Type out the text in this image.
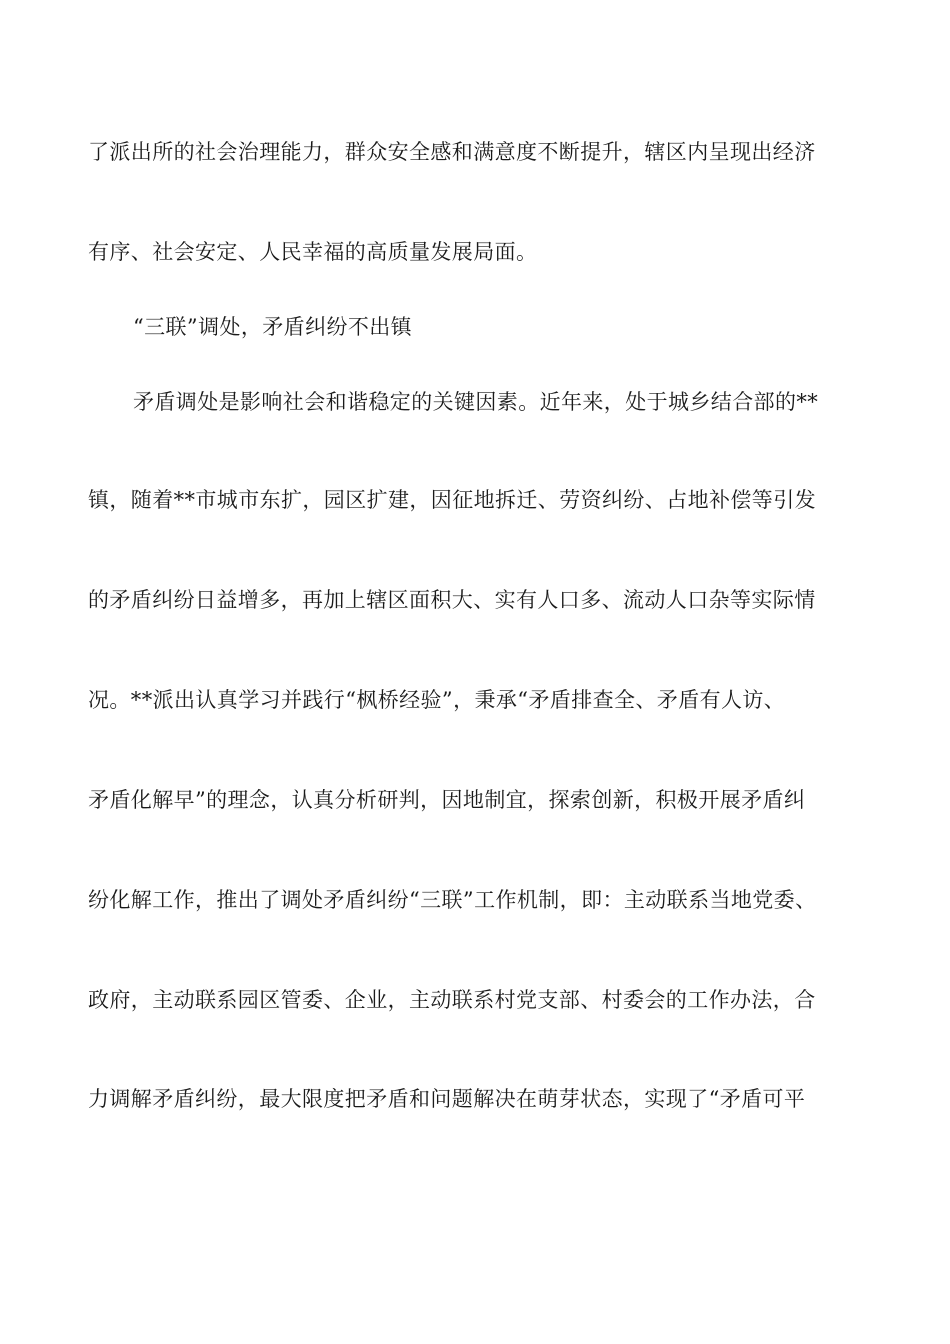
了派出所的社会治理能力，群众安全感和满意度不断提升，辖区内呈现出经济
有序、社会安定、人民幸福的高质量发展局面。
“三联”调处，矛盾纠纷不出镇
矛盾调处是影响社会和谐稳定的关键因素。近年来，处于城乡结合部的**
镇，随着**市城市东扩，园区扩建，因征地拆迁、劳资纠纷、占地补偿等引发
的矛盾纠纷日益增多，再加上辖区面积大、实有人口多、流动人口杂等实际情
况。**派出认真学习并践行“枫桥经验”，秉承“矛盾排查全、矛盾有人访、
矛盾化解早”的理念，认真分析研判，因地制宜，探索创新，积极开展矛盾纠
纷化解工作，推出了调处矛盾纠纷“三联”工作机制，即：主动联系当地党委、
政府，主动联系园区管委、企业，主动联系村党支部、村委会的工作办法，合
力调解矛盾纠纷，最大限度把矛盾和问题解决在萌芽状态，实现了“矛盾可平
